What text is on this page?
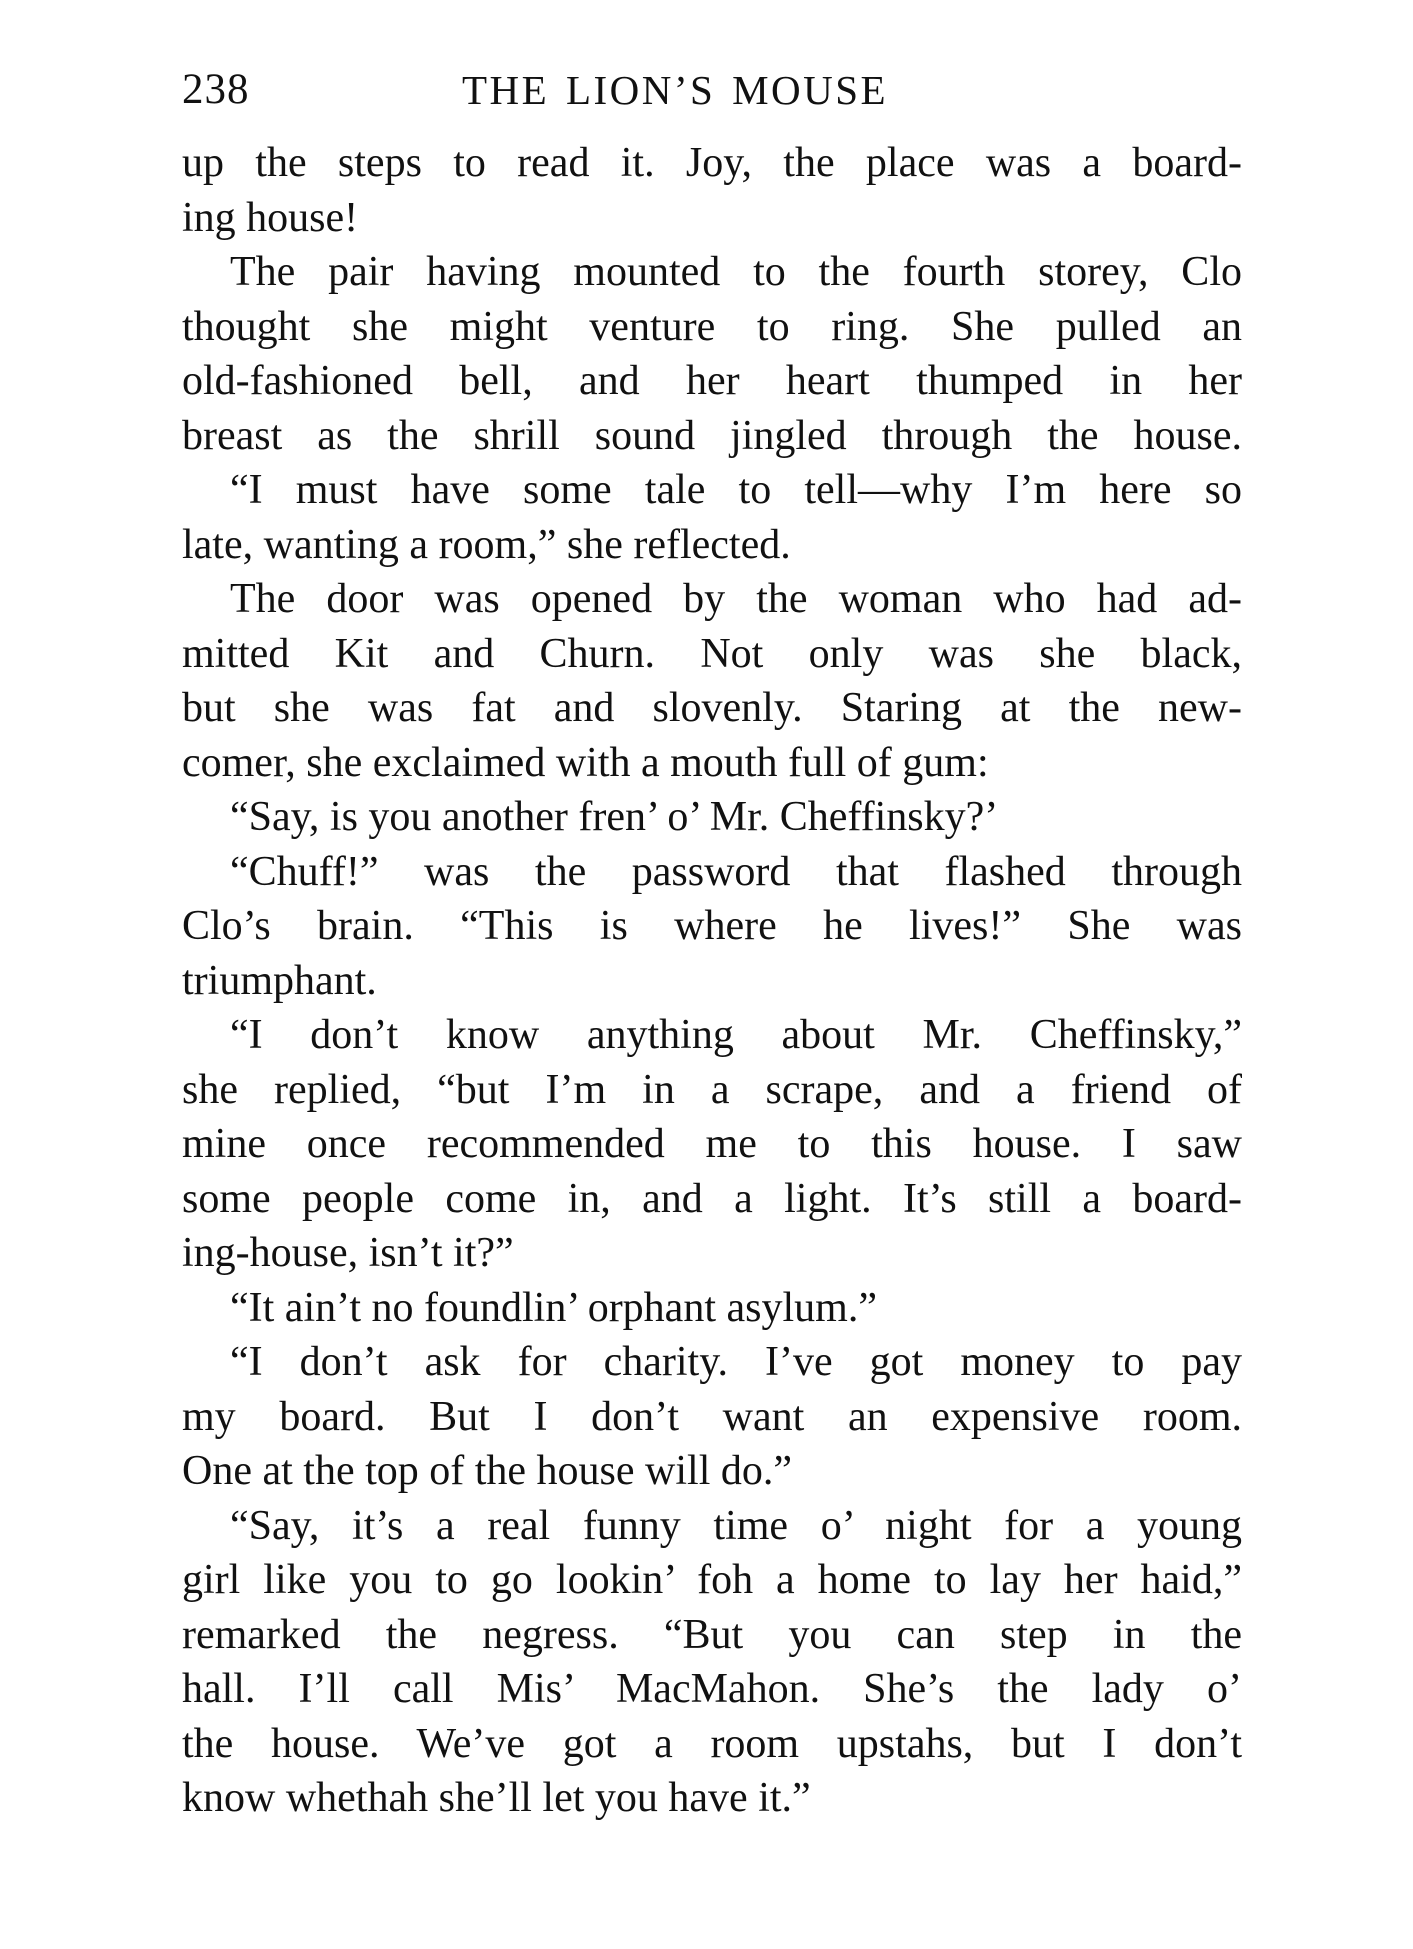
238	THE LION’S MOUSE
up the steps to read it. Joy, the place was a board-
ing house!
The pair having mounted to the fourth storey, Clo
thought she might venture to ring. She pulled an
old-fashioned bell, and her heart thumped in her
breast as the shrill sound jingled through the house.
“I must have some tale to tell—why I’m here so
late, wanting a room,” she reflected.
The door was opened by the woman who had ad-
mitted Kit and Churn. Not only was she black,
but she was fat and slovenly. Staring at the new-
comer, she exclaimed with a mouth full of gum:
“Say, is you another fren’ o’ Mr. Cheffinsky?’
“Chuff!” was the password that flashed through
Clo’s brain. “This is where he lives!” She was
triumphant.
“I don’t know anything about Mr. Cheffinsky,”
she replied, “but I’m in a scrape, and a friend of
mine once recommended me to this house. I saw
some people come in, and a light. It’s still a board-
ing-house, isn’t it?”
“It ain’t no foundlin’ orphant asylum.”
“I don’t ask for charity. I’ve got money to pay
my board. But I don’t want an expensive room.
One at the top of the house will do.”
“Say, it’s a real funny time o’ night for a young
girl like you to go lookin’ foh a home to lay her haid,”
remarked the negress. “But you can step in the
hall. I’ll call Mis’ MacMahon. She’s the lady o’
the house. We’ve got a room upstahs, but I don’t
know whethah she’ll let you have it.”
